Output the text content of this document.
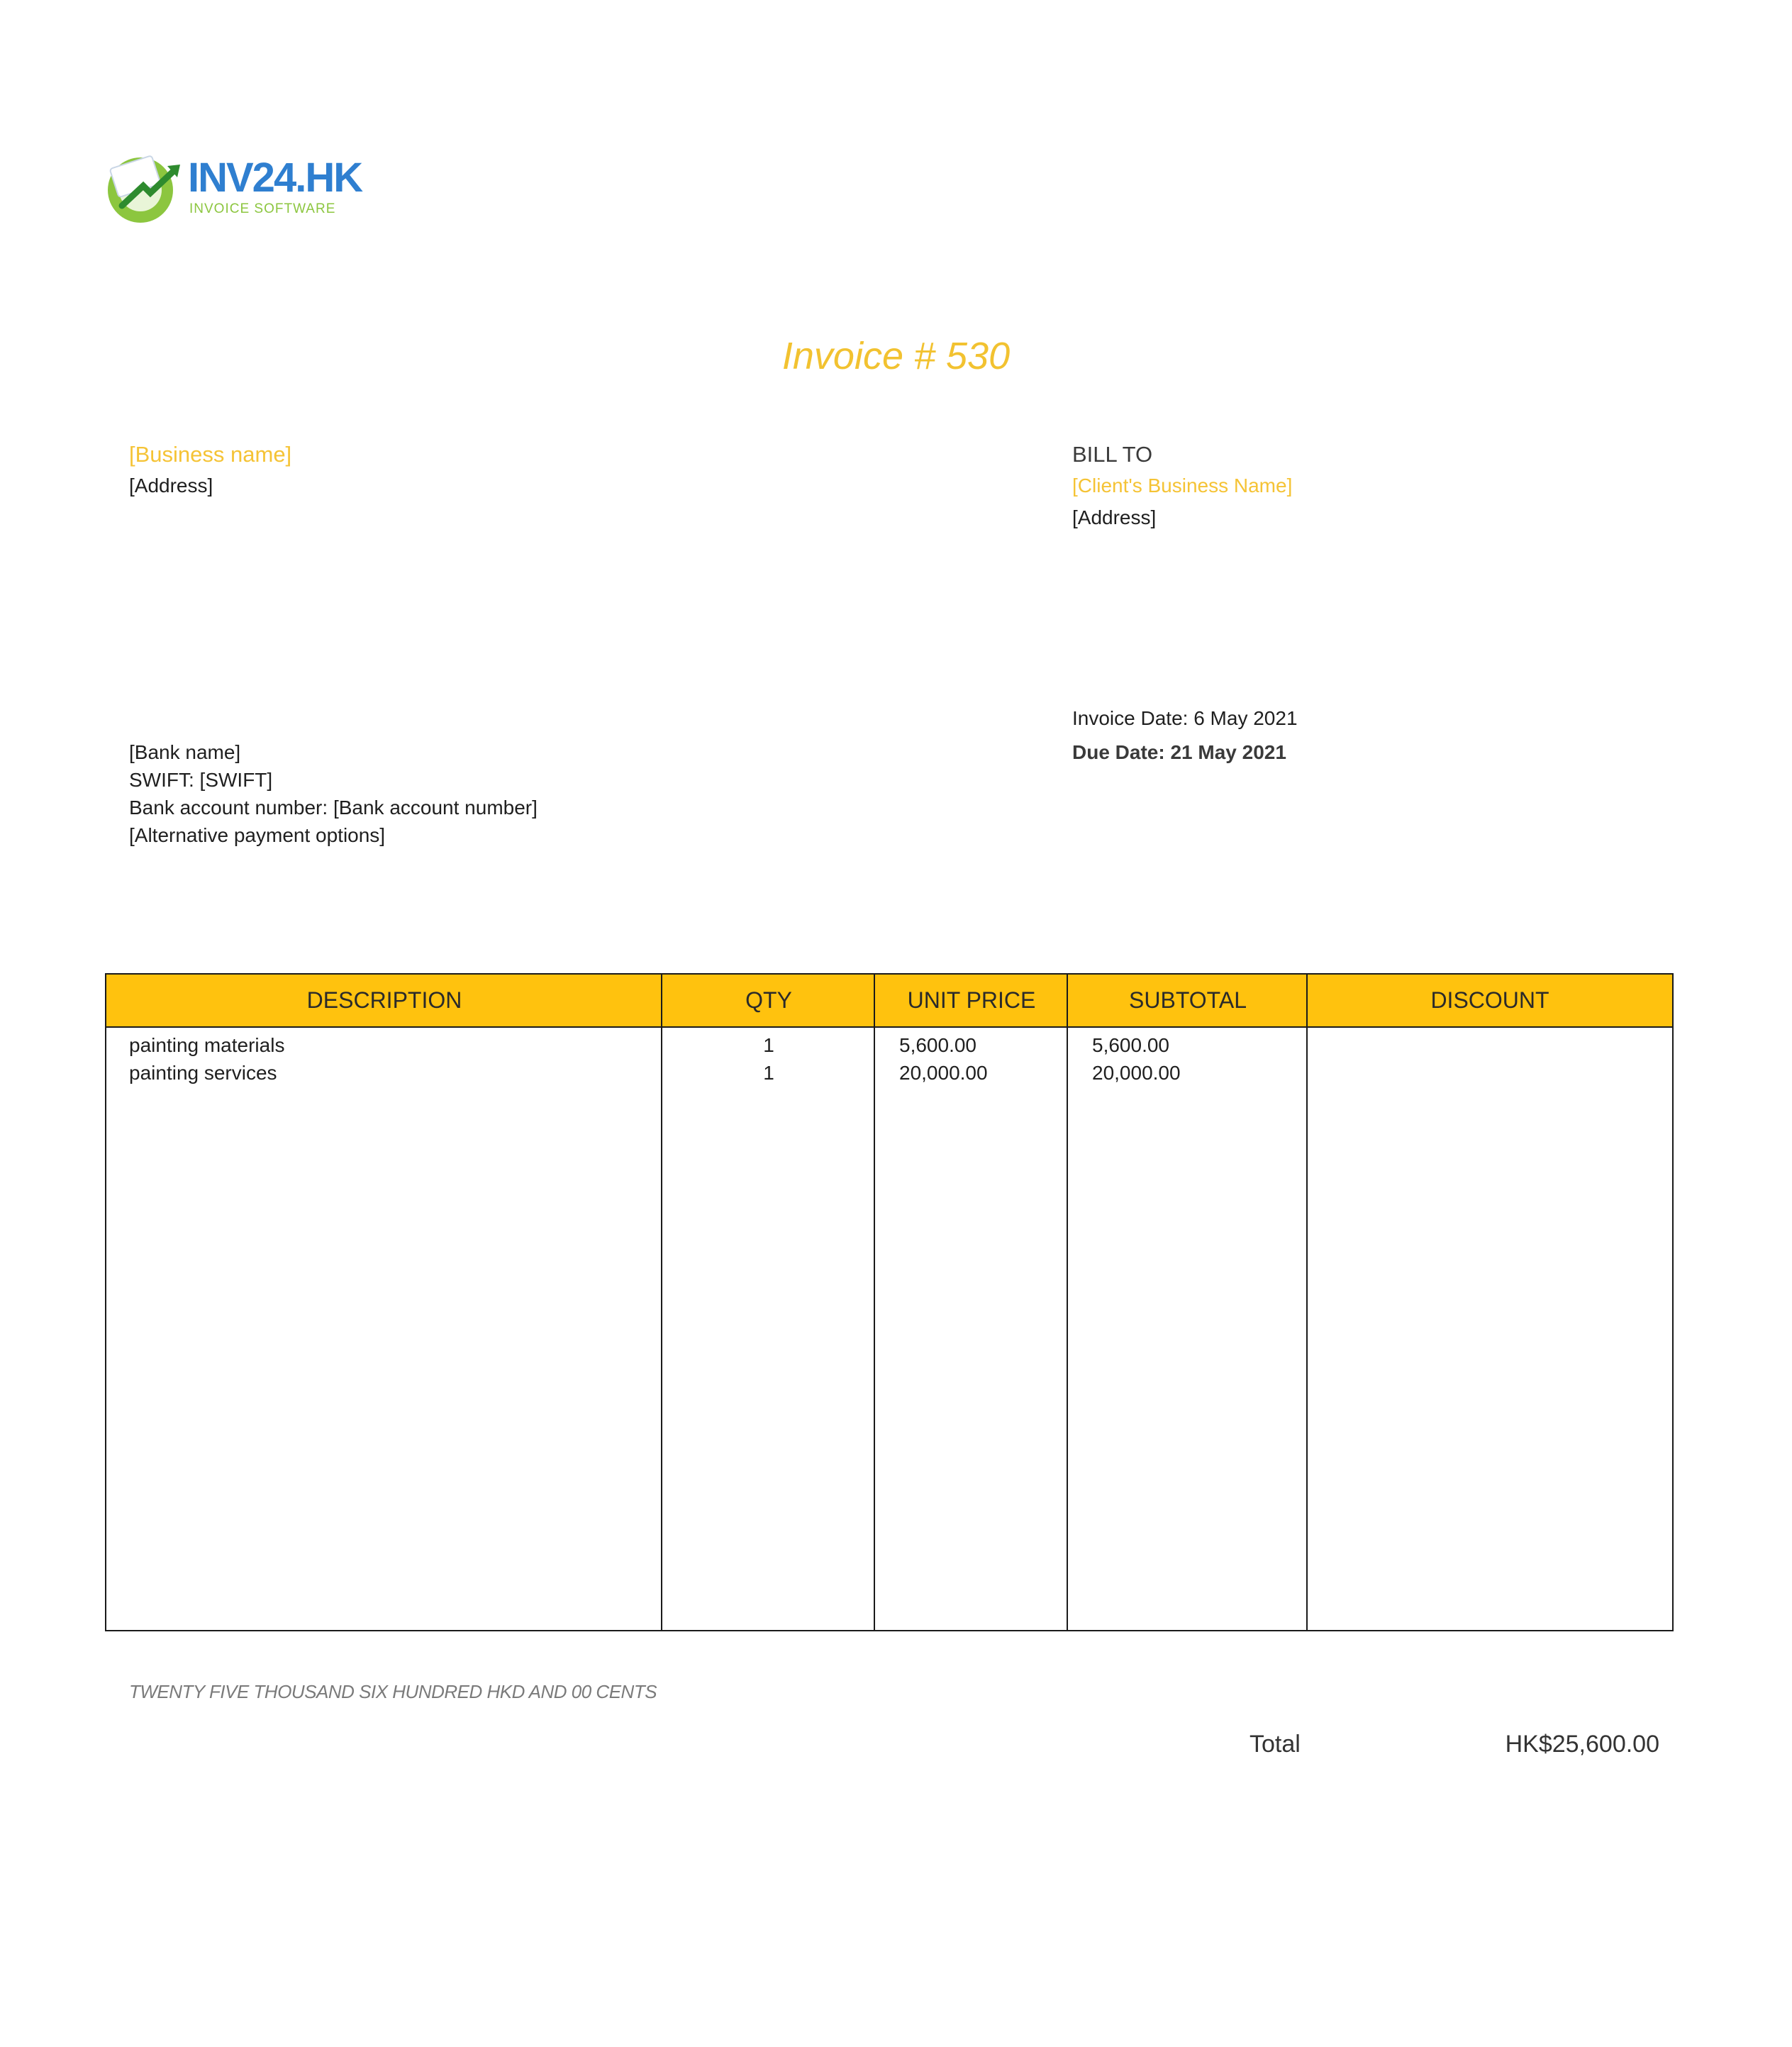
INV24.HK
INVOICE SOFTWARE
Invoice # 530
[Business name]
[Address]
BILL TO
[Client's Business Name]
[Address]
Invoice Date: 6 May 2021
Due Date: 21 May 2021
[Bank name]
SWIFT: [SWIFT]
Bank account number: [Bank account number]
[Alternative payment options]
DESCRIPTION	QTY	UNIT PRICE	SUBTOTAL	DISCOUNT
painting materials	1	5,600.00	5,600.00
painting services	1	20,000.00	20,000.00
TWENTY FIVE THOUSAND SIX HUNDRED HKD AND 00 CENTS
Total	HK$25,600.00
